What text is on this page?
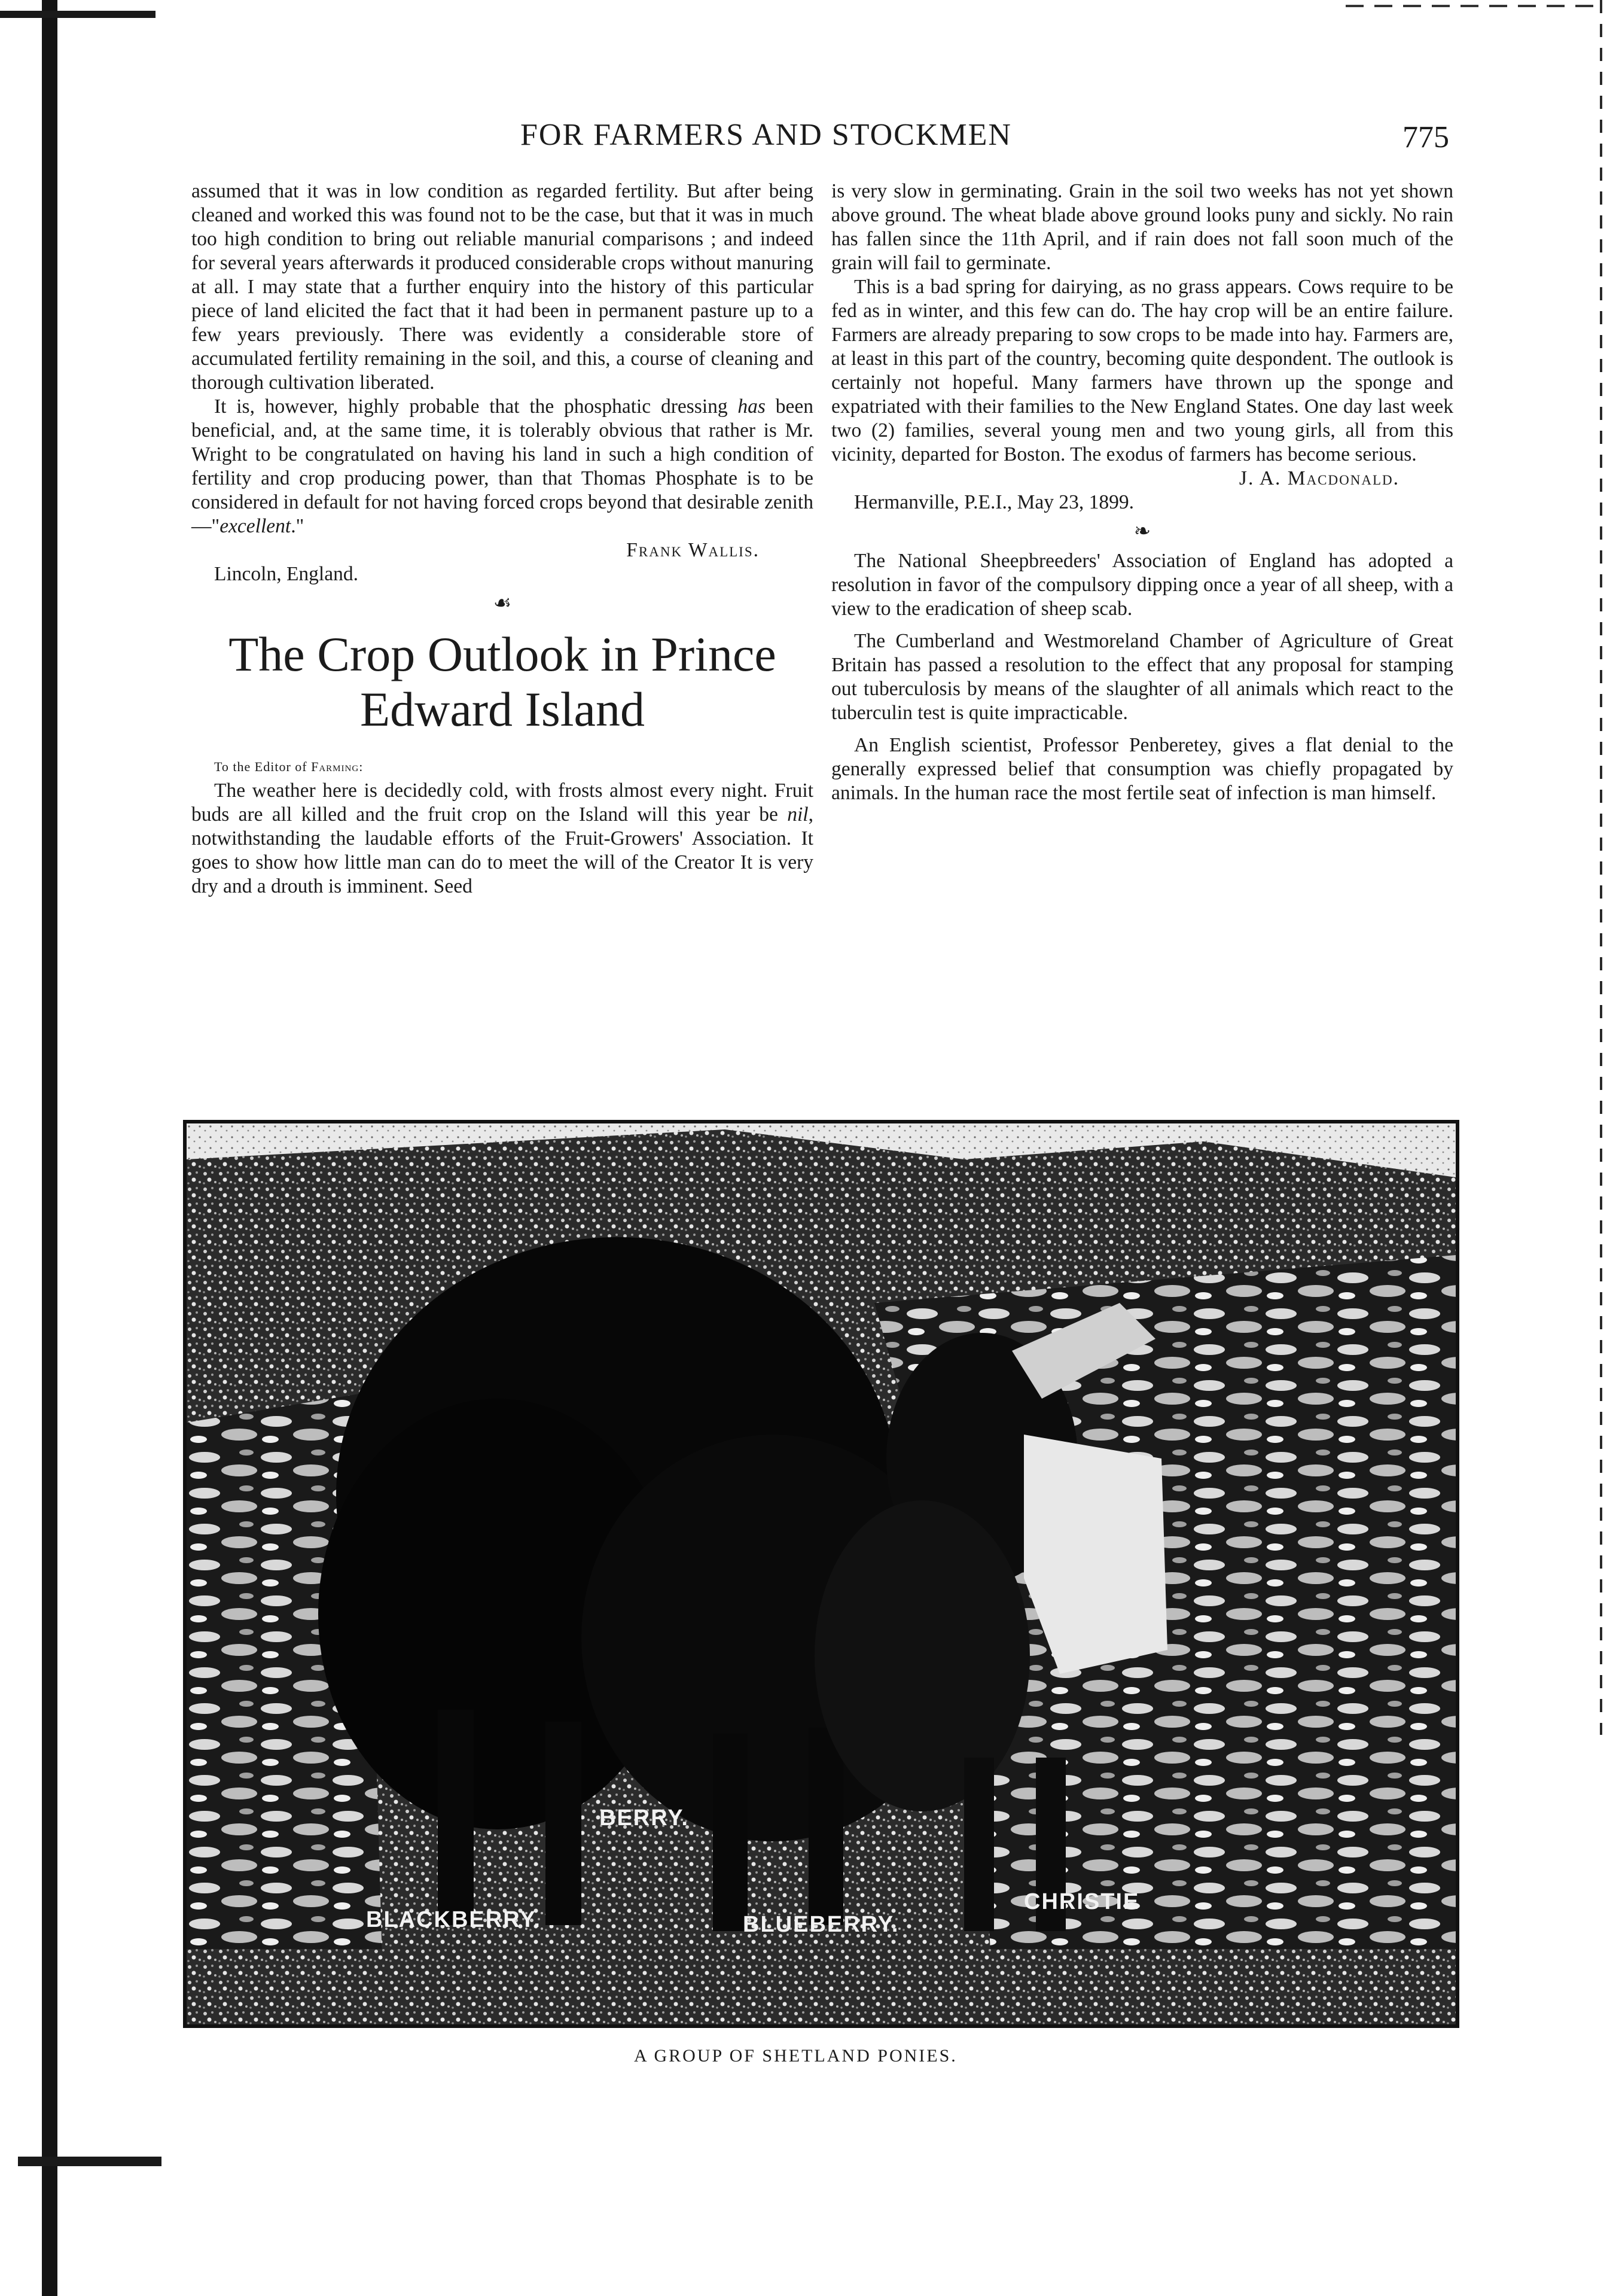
FOR FARMERS AND STOCKMEN	775

assumed that it was in low condition as regarded fertility. But after being cleaned and worked this was found not to be the case, but that it was in much too high condition to bring out reliable manurial comparisons ; and indeed for several years afterwards it produced considerable crops without manuring at all. I may state that a further enquiry into the history of this particular piece of land elicited the fact that it had been in permanent pasture up to a few years previously. There was evidently a considerable store of accumulated fertility remaining in the soil, and this, a course of cleaning and thorough cultivation liberated.

It is, however, highly probable that the phosphatic dressing has been beneficial, and, at the same time, it is tolerably obvious that rather is Mr. Wright to be congratulated on having his land in such a high condition of fertility and crop producing power, than that Thomas Phosphate is to be considered in default for not having forced crops beyond that desirable zenith—"excellent."

Frank Wallis.

Lincoln, England.

☙
The Crop Outlook in Prince Edward Island

To the Editor of Farming:

The weather here is decidedly cold, with frosts almost every night. Fruit buds are all killed and the fruit crop on the Island will this year be nil, notwithstanding the laudable efforts of the Fruit-Growers' Association. It goes to show how little man can do to meet the will of the Creator It is very dry and a drouth is imminent. Seed

is very slow in germinating. Grain in the soil two weeks has not yet shown above ground. The wheat blade above ground looks puny and sickly. No rain has fallen since the 11th April, and if rain does not fall soon much of the grain will fail to germinate.

This is a bad spring for dairying, as no grass appears. Cows require to be fed as in winter, and this few can do. The hay crop will be an entire failure. Farmers are already preparing to sow crops to be made into hay. Farmers are, at least in this part of the country, becoming quite despondent. The outlook is certainly not hopeful. Many farmers have thrown up the sponge and expatriated with their families to the New England States. One day last week two (2) families, several young men and two young girls, all from this vicinity, departed for Boston. The exodus of farmers has become serious.

J. A. Macdonald.

Hermanville, P.E.I., May 23, 1899.

❧

The National Sheepbreeders' Association of England has adopted a resolution in favor of the compulsory dipping once a year of all sheep, with a view to the eradication of sheep scab.

The Cumberland and Westmoreland Chamber of Agriculture of Great Britain has passed a resolution to the effect that any proposal for stamping out tuberculosis by means of the slaughter of all animals which react to the tuberculin test is quite impracticable.

An English scientist, Professor Penberetey, gives a flat denial to the generally expressed belief that consumption was chiefly propagated by animals. In the human race the most fertile seat of infection is man himself.

BERRY.
BLACKBERRY.	BLUEBERRY.
CHRISTIE
A GROUP OF SHETLAND PONIES.
